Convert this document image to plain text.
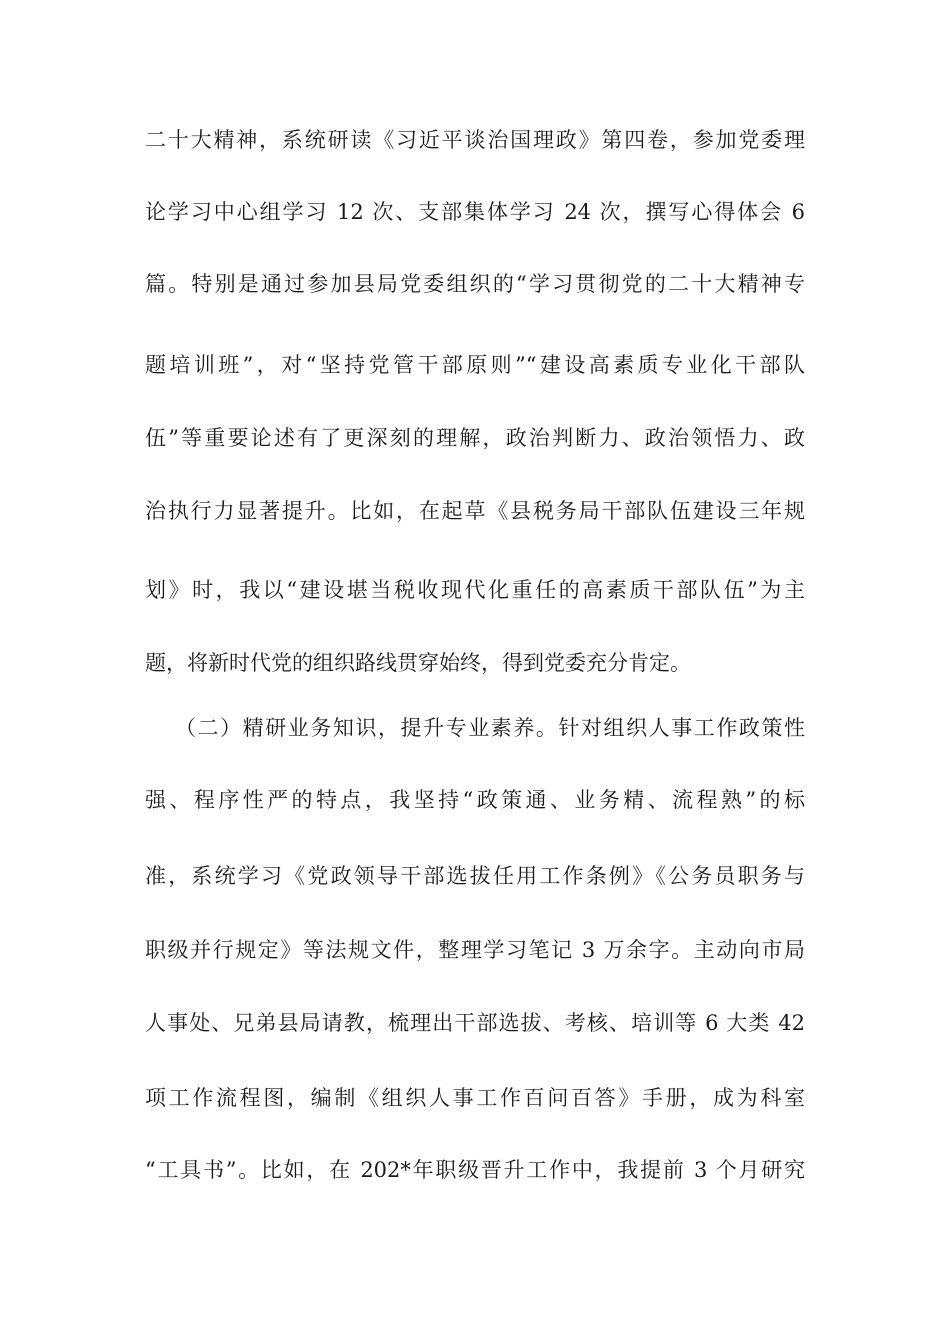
二十大精神，系统研读《习近平谈治国理政》第四卷，参加党委理
论学习中心组学习 12 次、支部集体学习 24 次，撰写心得体会 6
篇。特别是通过参加县局党委组织的“学习贯彻党的二十大精神专
题培训班”，对“坚持党管干部原则”“建设高素质专业化干部队
伍”等重要论述有了更深刻的理解，政治判断力、政治领悟力、政
治执行力显著提升。比如，在起草《县税务局干部队伍建设三年规
划》时，我以“建设堪当税收现代化重任的高素质干部队伍”为主
题，将新时代党的组织路线贯穿始终，得到党委充分肯定。
（二）精研业务知识，提升专业素养。针对组织人事工作政策性
强、程序性严的特点，我坚持“政策通、业务精、流程熟”的标
准，系统学习《党政领导干部选拔任用工作条例》《公务员职务与
职级并行规定》等法规文件，整理学习笔记 3 万余字。主动向市局
人事处、兄弟县局请教，梳理出干部选拔、考核、培训等 6 大类 42
项工作流程图，编制《组织人事工作百问百答》手册，成为科室
“工具书”。比如，在 202*年职级晋升工作中，我提前 3 个月研究
